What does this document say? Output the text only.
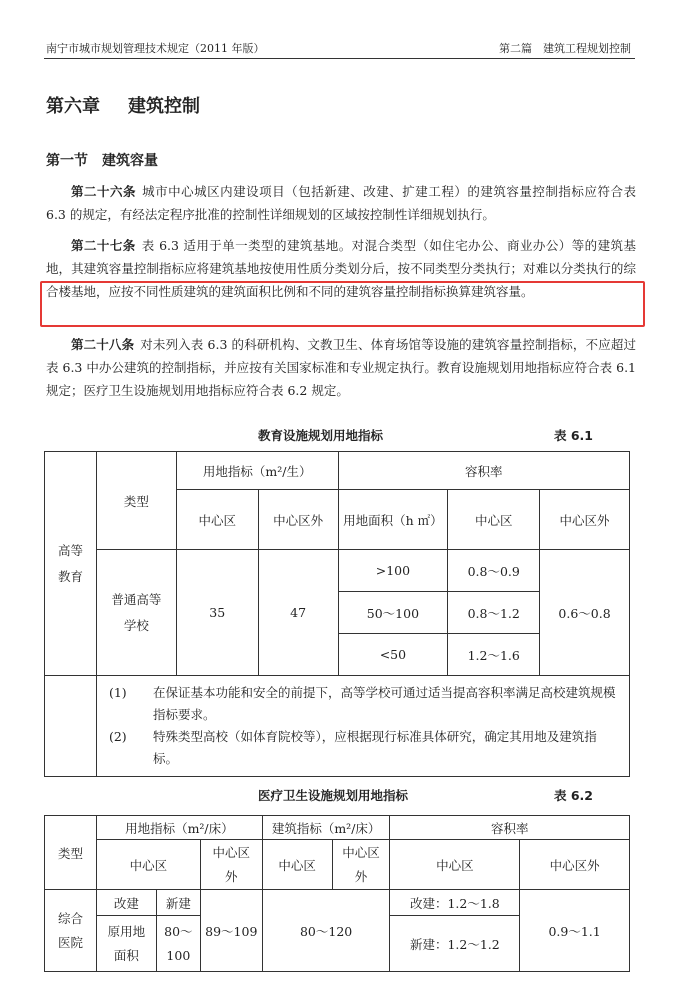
南宁市城市规划管理技术规定（2011 年版）	第二篇　建筑工程规划控制
第六章 建筑控制
第一节 建筑容量
第二十六条 城市中心城区内建设项目（包括新建、改建、扩建工程）的建筑容量控制指标应符合表 6.3 的规定，有经法定程序批准的控制性详细规划的区域按控制性详细规划执行。
第二十七条 表 6.3 适用于单一类型的建筑基地。对混合类型（如住宅办公、商业办公）等的建筑基地，其建筑容量控制指标应将建筑基地按使用性质分类划分后，按不同类型分类执行；对难以分类执行的综合楼基地，应按不同性质建筑的建筑面积比例和不同的建筑容量控制指标换算建筑容量。
第二十八条 对未列入表 6.3 的科研机构、文教卫生、体育场馆等设施的建筑容量控制指标，不应超过表 6.3 中办公建筑的控制指标，并应按有关国家标准和专业规定执行。教育设施规划用地指标应符合表 6.1 规定；医疗卫生设施规划用地指标应符合表 6.2 规定。
教育设施规划用地指标	表 6.1
高等教育	类型	用地指标（m²/生）		容积率		
		中心区	中心区外	用地面积（h ㎡）	中心区	中心区外
	普通高等学校	35	47	>100	0.8～0.9	0.6～0.8
				50～100	0.8～1.2	
				<50	1.2～1.6	

	(1) 在保证基本功能和安全的前提下，高等学校可通过适当提高容积率满足高校建筑规模指标要求。
(2) 特殊类型高校（如体育院校等），应根据现行标准具体研究，确定其用地及建筑指标。					
医疗卫生设施规划用地指标	表 6.2
类型	用地指标（m²/床）			建筑指标（m²/床）		容积率	
	中心区		中心区外	中心区	中心区外	中心区	中心区外
综合医院	改建	新建	89～109	80～120		改建：1.2～1.8	0.9～1.1
	原用地面积	80～100				新建：1.2～1.2	
